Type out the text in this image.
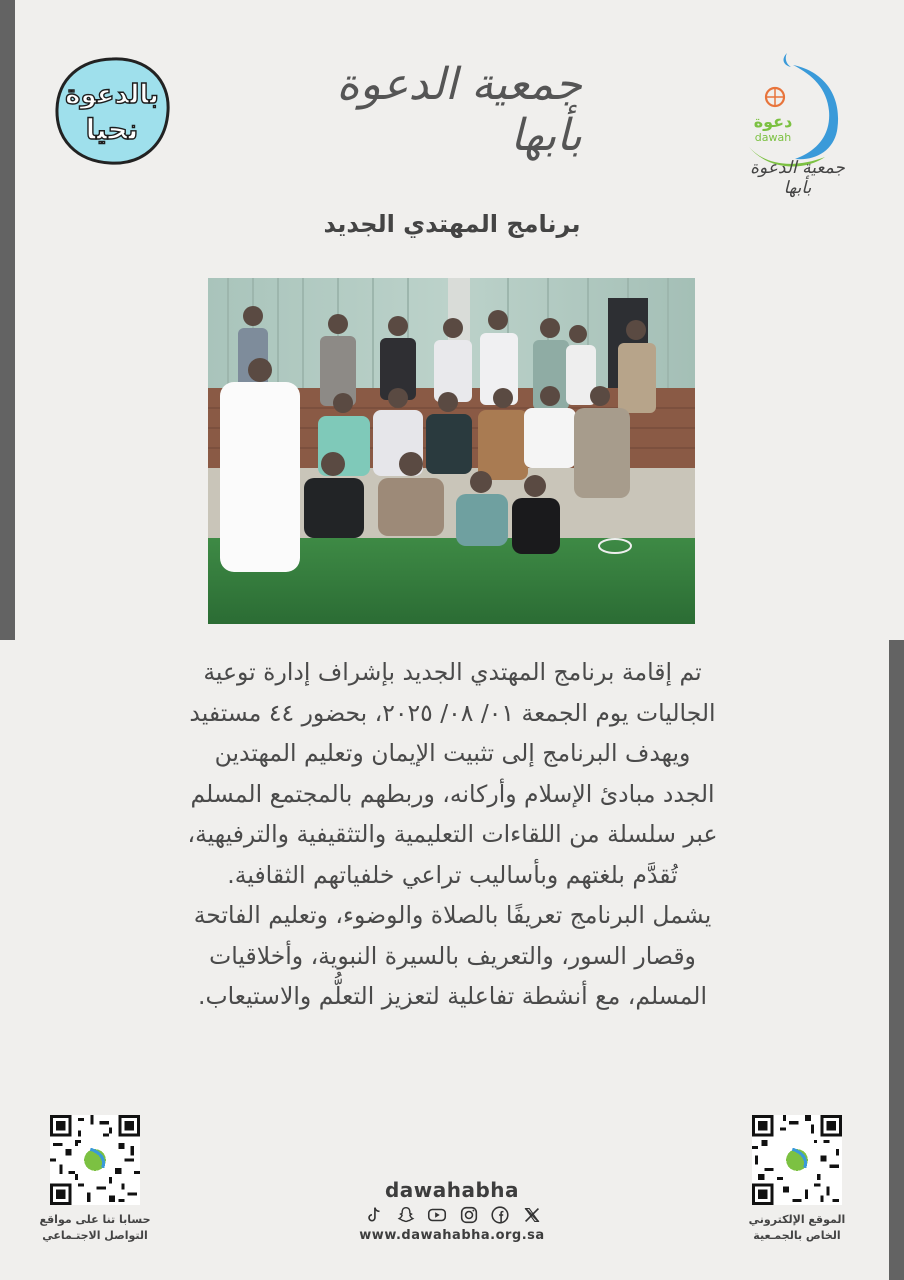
بالدعوة
نحيا
جمعية الدعوة بأبها	دعوة
dawah
جمعية الدعوة بأبها
برنامج المهتدي الجديد
تم إقامة برنامج المهتدي الجديد بإشراف إدارة توعية
الجاليات يوم الجمعة ٠١/ ٠٨/ ٢٠٢٥، بحضور ٤٤ مستفيد
ويهدف البرنامج إلى تثبيت الإيمان وتعليم المهتدين
الجدد مبادئ الإسلام وأركانه، وربطهم بالمجتمع المسلم
عبر سلسلة من اللقاءات التعليمية والتثقيفية والترفيهية،
تُقدَّم بلغتهم وبأساليب تراعي خلفياتهم الثقافية.
يشمل البرنامج تعريفًا بالصلاة والوضوء، وتعليم الفاتحة
وقصار السور، والتعريف بالسيرة النبوية، وأخلاقيات
المسلم، مع أنشطة تفاعلية لتعزيز التعلُّم والاستيعاب.
حسابا تنا على مواقع
التواصل الاجتـماعي
الموقع الإلكتروني
الخاص بالجمـعية
dawahabha
www.dawahabha.org.sa
